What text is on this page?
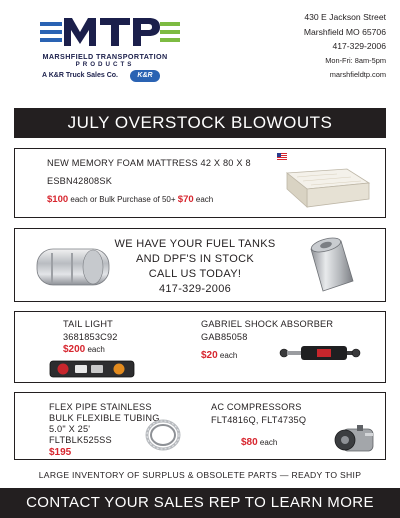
MARSHFIELD TRANSPORTATION
PRODUCTS
A K&R Truck Sales Co.	K&R
430 E Jackson Street
Marshfield MO 65706
417-329-2006
Mon-Fri: 8am-5pm
marshfieldtp.com
JULY OVERSTOCK BLOWOUTS
NEW MEMORY FOAM MATTRESS 42 X 80 X 8
ESBN42808SK
$100 each or Bulk Purchase of 50+ $70 each
WE HAVE YOUR FUEL TANKS
AND DPF'S IN STOCK
CALL US TODAY!
417-329-2006
TAIL LIGHT
3681853C92
$200 each
GABRIEL SHOCK ABSORBER
GAB85058
$20 each
FLEX PIPE STAINLESS
BULK FLEXIBLE TUBING
5.0" X 25'
FLTBLK525SS
$195
AC COMPRESSORS
FLT4816Q, FLT4735Q
$80 each
LARGE INVENTORY OF SURPLUS & OBSOLETE PARTS — READY TO SHIP
CONTACT YOUR SALES REP TO LEARN MORE
